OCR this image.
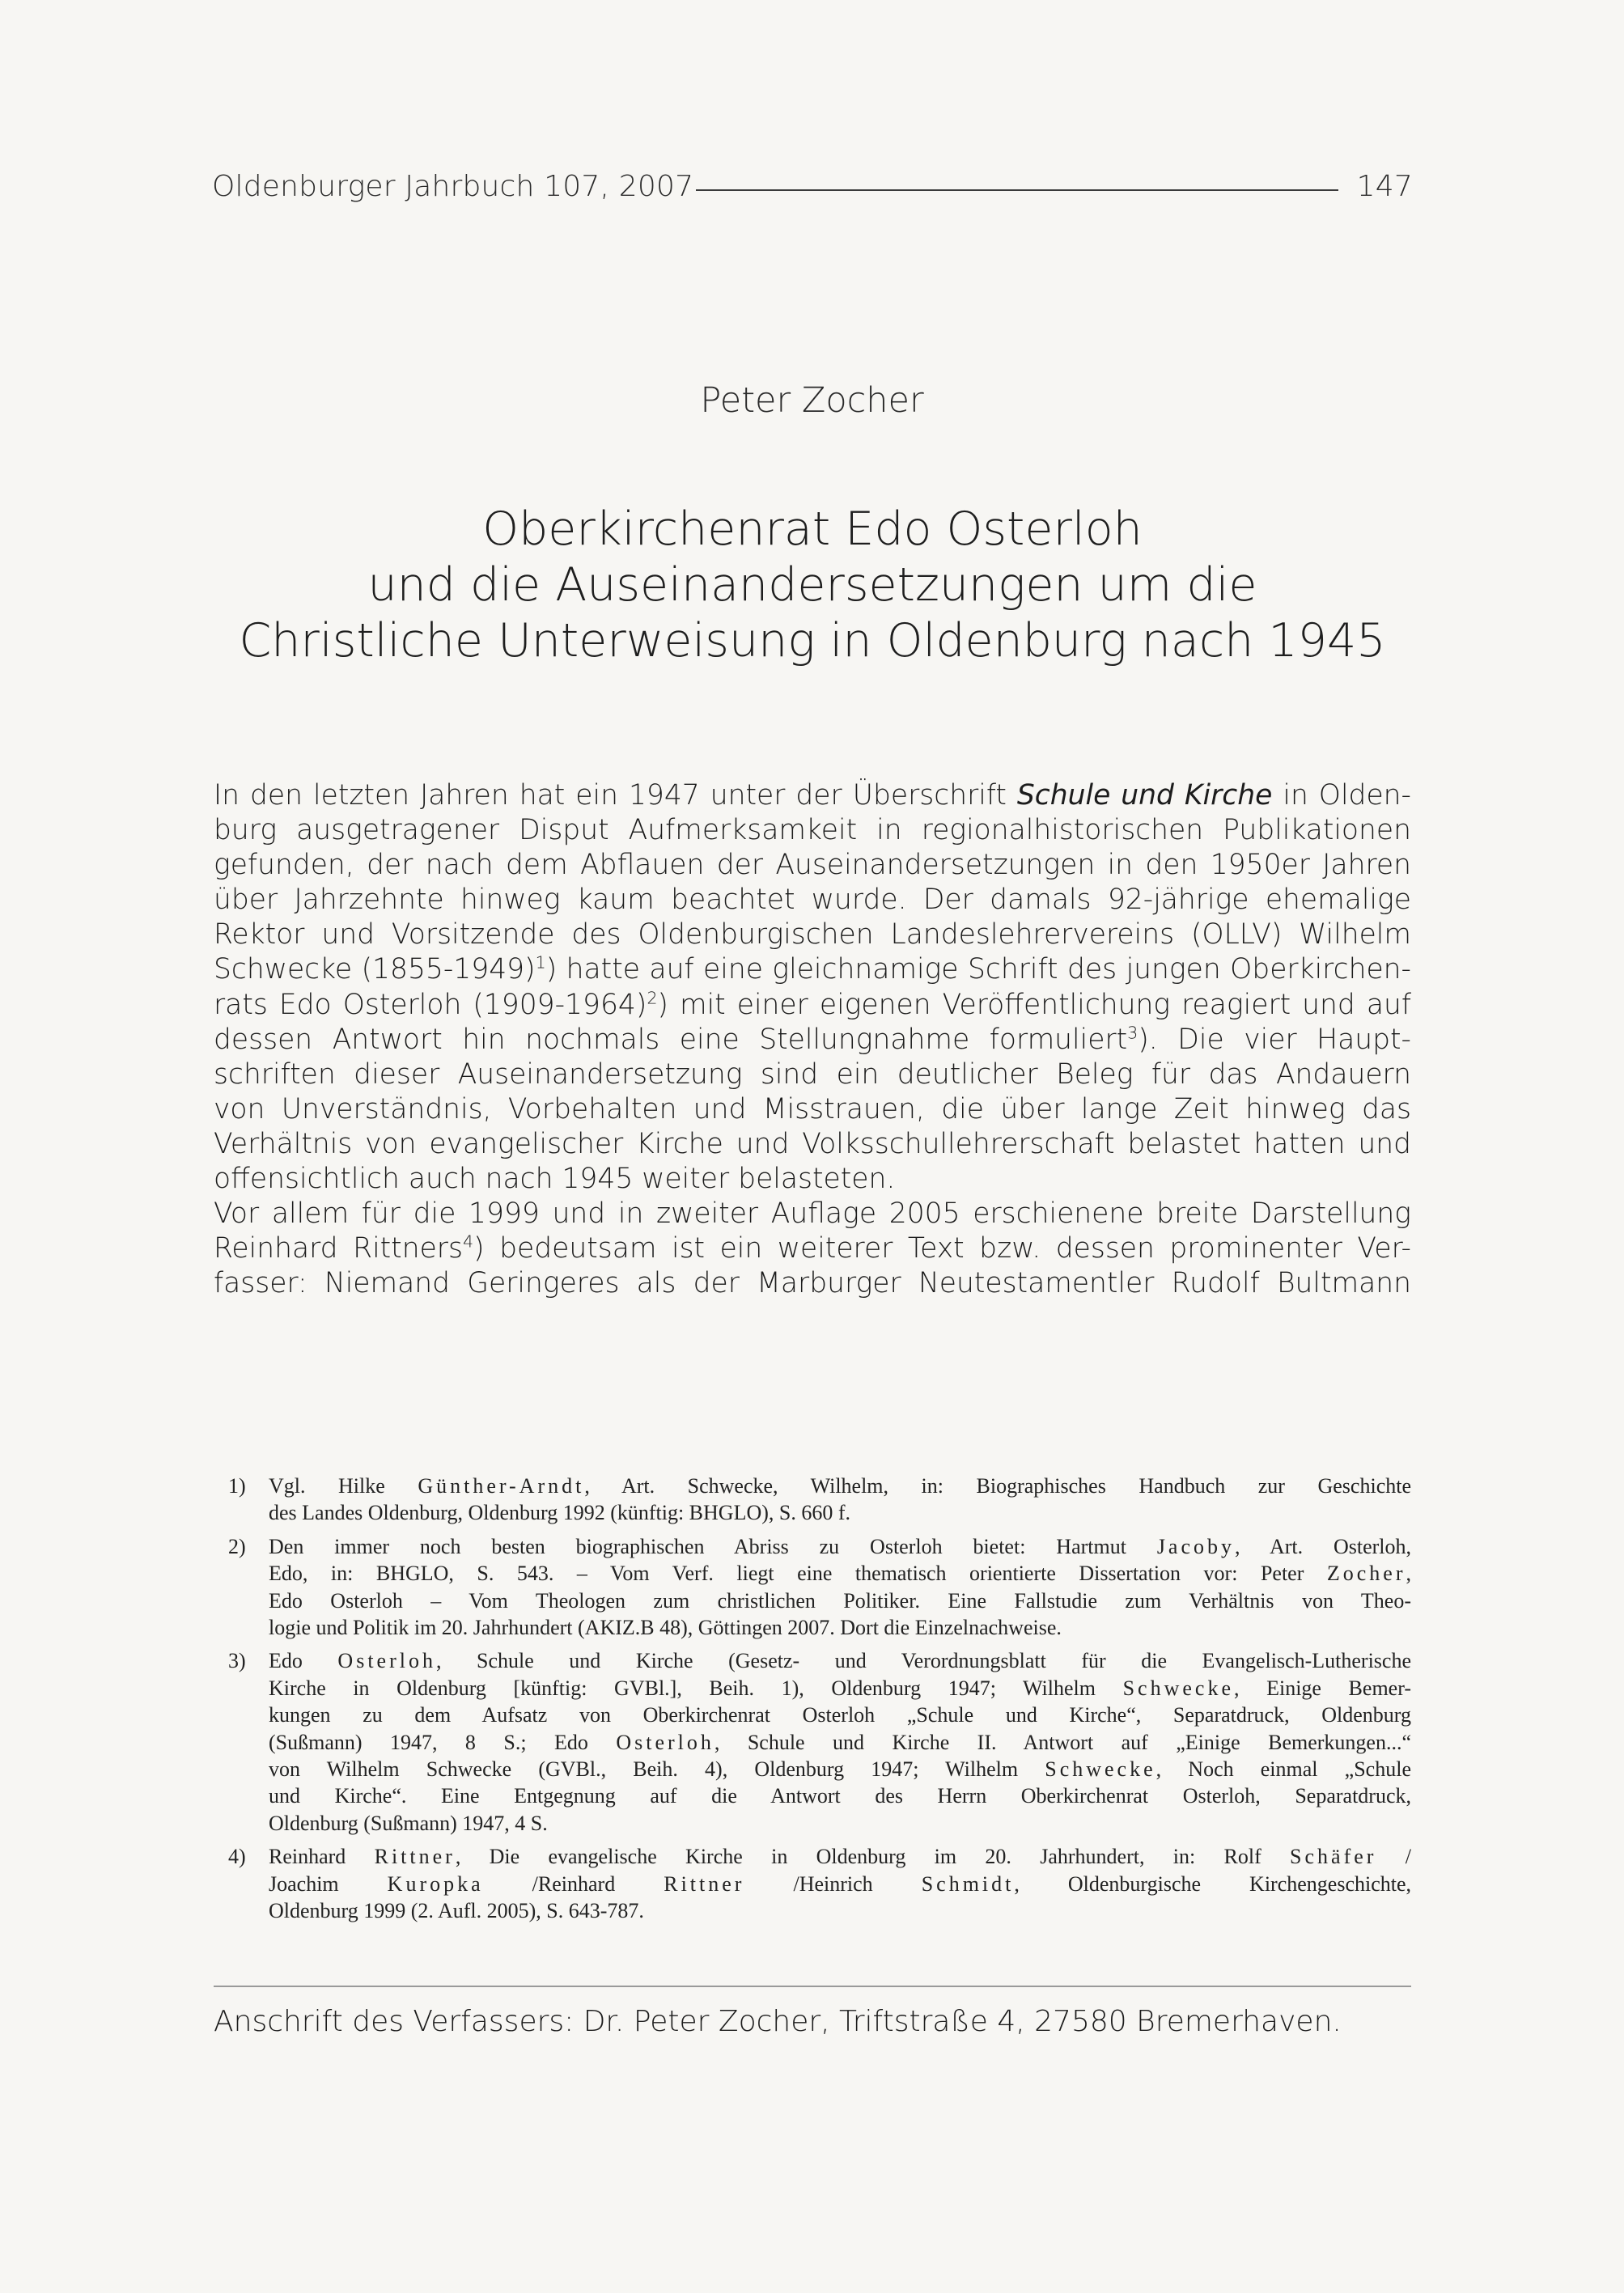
Oldenburger Jahrbuch 107, 2007	147
Peter Zocher
Oberkirchenrat Edo Osterloh
und die Auseinandersetzungen um die
Christliche Unterweisung in Oldenburg nach 1945

In den letzten Jahren hat ein 1947 unter der Überschrift Schule und Kirche in Olden-
burg ausgetragener Disput Aufmerksamkeit in regionalhistorischen Publikationen
gefunden, der nach dem Abflauen der Auseinandersetzungen in den 1950er Jahren
über Jahrzehnte hinweg kaum beachtet wurde. Der damals 92-jährige ehemalige
Rektor und Vorsitzende des Oldenburgischen Landeslehrervereins (OLLV) Wilhelm
Schwecke (1855-1949)$^1$) hatte auf eine gleichnamige Schrift des jungen Oberkirchen-
rats Edo Osterloh (1909-1964)$^2$) mit einer eigenen Veröffentlichung reagiert und auf
dessen Antwort hin nochmals eine Stellungnahme formuliert$^3$). Die vier Haupt-
schriften dieser Auseinandersetzung sind ein deutlicher Beleg für das Andauern
von Unverständnis, Vorbehalten und Misstrauen, die über lange Zeit hinweg das
Verhältnis von evangelischer Kirche und Volksschullehrerschaft belastet hatten und
offensichtlich auch nach 1945 weiter belasteten.

Vor allem für die 1999 und in zweiter Auflage 2005 erschienene breite Darstellung
Reinhard Rittners$^4$) bedeutsam ist ein weiterer Text bzw. dessen prominenter Ver-
fasser: Niemand Geringeres als der Marburger Neutestamentler Rudolf Bultmann

1) Vgl. Hilke Günther-Arndt, Art. Schwecke, Wilhelm, in: Biographisches Handbuch zur Geschichte
des Landes Oldenburg, Oldenburg 1992 (künftig: BHGLO), S. 660 f.
2) Den immer noch besten biographischen Abriss zu Osterloh bietet: Hartmut Jacoby, Art. Osterloh,
Edo, in: BHGLO, S. 543. – Vom Verf. liegt eine thematisch orientierte Dissertation vor: Peter Zocher,
Edo Osterloh – Vom Theologen zum christlichen Politiker. Eine Fallstudie zum Verhältnis von Theo-
logie und Politik im 20. Jahrhundert (AKIZ.B 48), Göttingen 2007. Dort die Einzelnachweise.
3) Edo Osterloh, Schule und Kirche (Gesetz- und Verordnungsblatt für die Evangelisch-Lutherische
Kirche in Oldenburg [künftig: GVBl.], Beih. 1), Oldenburg 1947; Wilhelm Schwecke, Einige Bemer-
kungen zu dem Aufsatz von Oberkirchenrat Osterloh „Schule und Kirche“, Separatdruck, Oldenburg
(Sußmann) 1947, 8 S.; Edo Osterloh, Schule und Kirche II. Antwort auf „Einige Bemerkungen...“
von Wilhelm Schwecke (GVBl., Beih. 4), Oldenburg 1947; Wilhelm Schwecke, Noch einmal „Schule
und Kirche“. Eine Entgegnung auf die Antwort des Herrn Oberkirchenrat Osterloh, Separatdruck,
Oldenburg (Sußmann) 1947, 4 S.
4) Reinhard Rittner, Die evangelische Kirche in Oldenburg im 20. Jahrhundert, in: Rolf Schäfer /
Joachim Kuropka /Reinhard Rittner /Heinrich Schmidt, Oldenburgische Kirchengeschichte,
Oldenburg 1999 (2. Aufl. 2005), S. 643-787.
Anschrift des Verfassers: Dr. Peter Zocher, Triftstraße 4, 27580 Bremerhaven.
